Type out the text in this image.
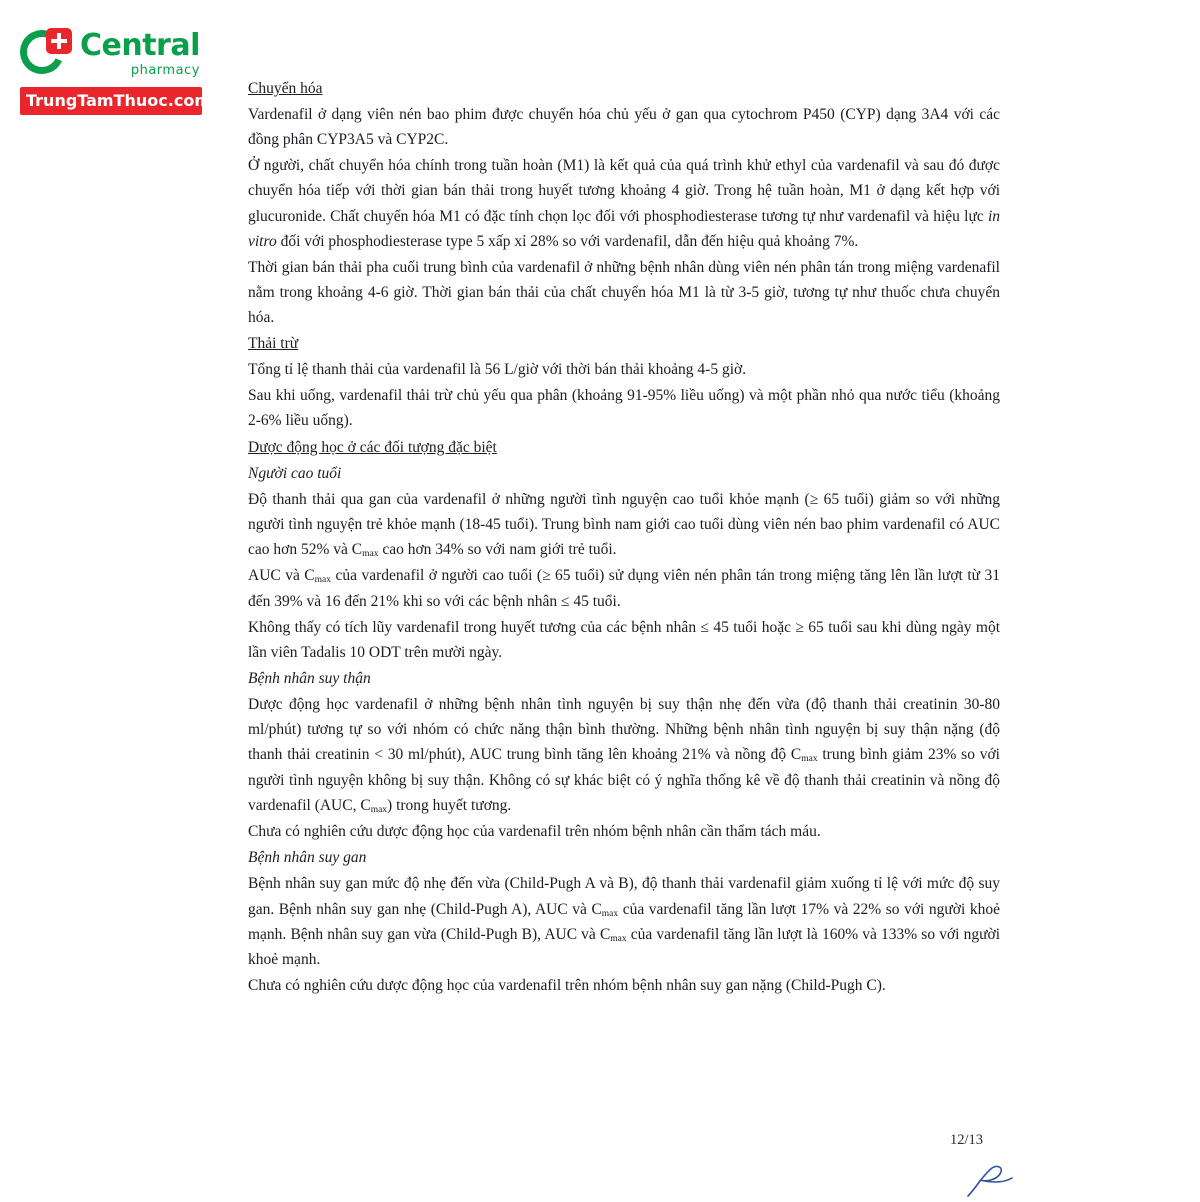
Central
pharmacy
TrungTamThuoc.com

Chuyển hóa

Vardenafil ở dạng viên nén bao phim được chuyển hóa chủ yếu ở gan qua cytochrom P450 (CYP) dạng 3A4 với các đồng phân CYP3A5 và CYP2C.

Ở người, chất chuyển hóa chính trong tuần hoàn (M1) là kết quả của quá trình khử ethyl của vardenafil và sau đó được chuyển hóa tiếp với thời gian bán thải trong huyết tương khoảng 4 giờ. Trong hệ tuần hoàn, M1 ở dạng kết hợp với glucuronide. Chất chuyển hóa M1 có đặc tính chọn lọc đối với phosphodiesterase tương tự như vardenafil và hiệu lực in vitro đối với phosphodiesterase type 5 xấp xỉ 28% so với vardenafil, dẫn đến hiệu quả khoảng 7%.

Thời gian bán thải pha cuối trung bình của vardenafil ở những bệnh nhân dùng viên nén phân tán trong miệng vardenafil nằm trong khoảng 4-6 giờ. Thời gian bán thải của chất chuyển hóa M1 là từ 3-5 giờ, tương tự như thuốc chưa chuyển hóa.

Thải trừ

Tổng tỉ lệ thanh thải của vardenafil là 56 L/giờ với thời bán thải khoảng 4-5 giờ.

Sau khi uống, vardenafil thải trừ chủ yếu qua phân (khoảng 91-95% liều uống) và một phần nhỏ qua nước tiểu (khoảng 2-6% liều uống).

Dược động học ở các đối tượng đặc biệt

Người cao tuổi

Độ thanh thải qua gan của vardenafil ở những người tình nguyện cao tuổi khỏe mạnh (≥ 65 tuổi) giảm so với những người tình nguyện trẻ khỏe mạnh (18-45 tuổi). Trung bình nam giới cao tuổi dùng viên nén bao phim vardenafil có AUC cao hơn 52% và $C_{max}$ cao hơn 34% so với nam giới trẻ tuổi.

AUC và $C_{max}$ của vardenafil ở người cao tuổi (≥ 65 tuổi) sử dụng viên nén phân tán trong miệng tăng lên lần lượt từ 31 đến 39% và 16 đến 21% khi so với các bệnh nhân ≤ 45 tuổi.

Không thấy có tích lũy vardenafil trong huyết tương của các bệnh nhân ≤ 45 tuổi hoặc ≥ 65 tuổi sau khi dùng ngày một lần viên Tadalis 10 ODT trên mười ngày.

Bệnh nhân suy thận

Dược động học vardenafil ở những bệnh nhân tình nguyện bị suy thận nhẹ đến vừa (độ thanh thải creatinin 30-80 ml/phút) tương tự so với nhóm có chức năng thận bình thường. Những bệnh nhân tình nguyện bị suy thận nặng (độ thanh thải creatinin < 30 ml/phút), AUC trung bình tăng lên khoảng 21% và nồng độ $C_{max}$ trung bình giảm 23% so với người tình nguyện không bị suy thận. Không có sự khác biệt có ý nghĩa thống kê về độ thanh thải creatinin và nồng độ vardenafil (AUC, $C_{max}$) trong huyết tương.

Chưa có nghiên cứu dược động học của vardenafil trên nhóm bệnh nhân cần thẩm tách máu.

Bệnh nhân suy gan

Bệnh nhân suy gan mức độ nhẹ đến vừa (Child-Pugh A và B), độ thanh thải vardenafil giảm xuống tỉ lệ với mức độ suy gan. Bệnh nhân suy gan nhẹ (Child-Pugh A), AUC và $C_{max}$ của vardenafil tăng lần lượt 17% và 22% so với người khoẻ mạnh. Bệnh nhân suy gan vừa (Child-Pugh B), AUC và $C_{max}$ của vardenafil tăng lần lượt là 160% và 133% so với người khoẻ mạnh.

Chưa có nghiên cứu dược động học của vardenafil trên nhóm bệnh nhân suy gan nặng (Child-Pugh C).

12/13
